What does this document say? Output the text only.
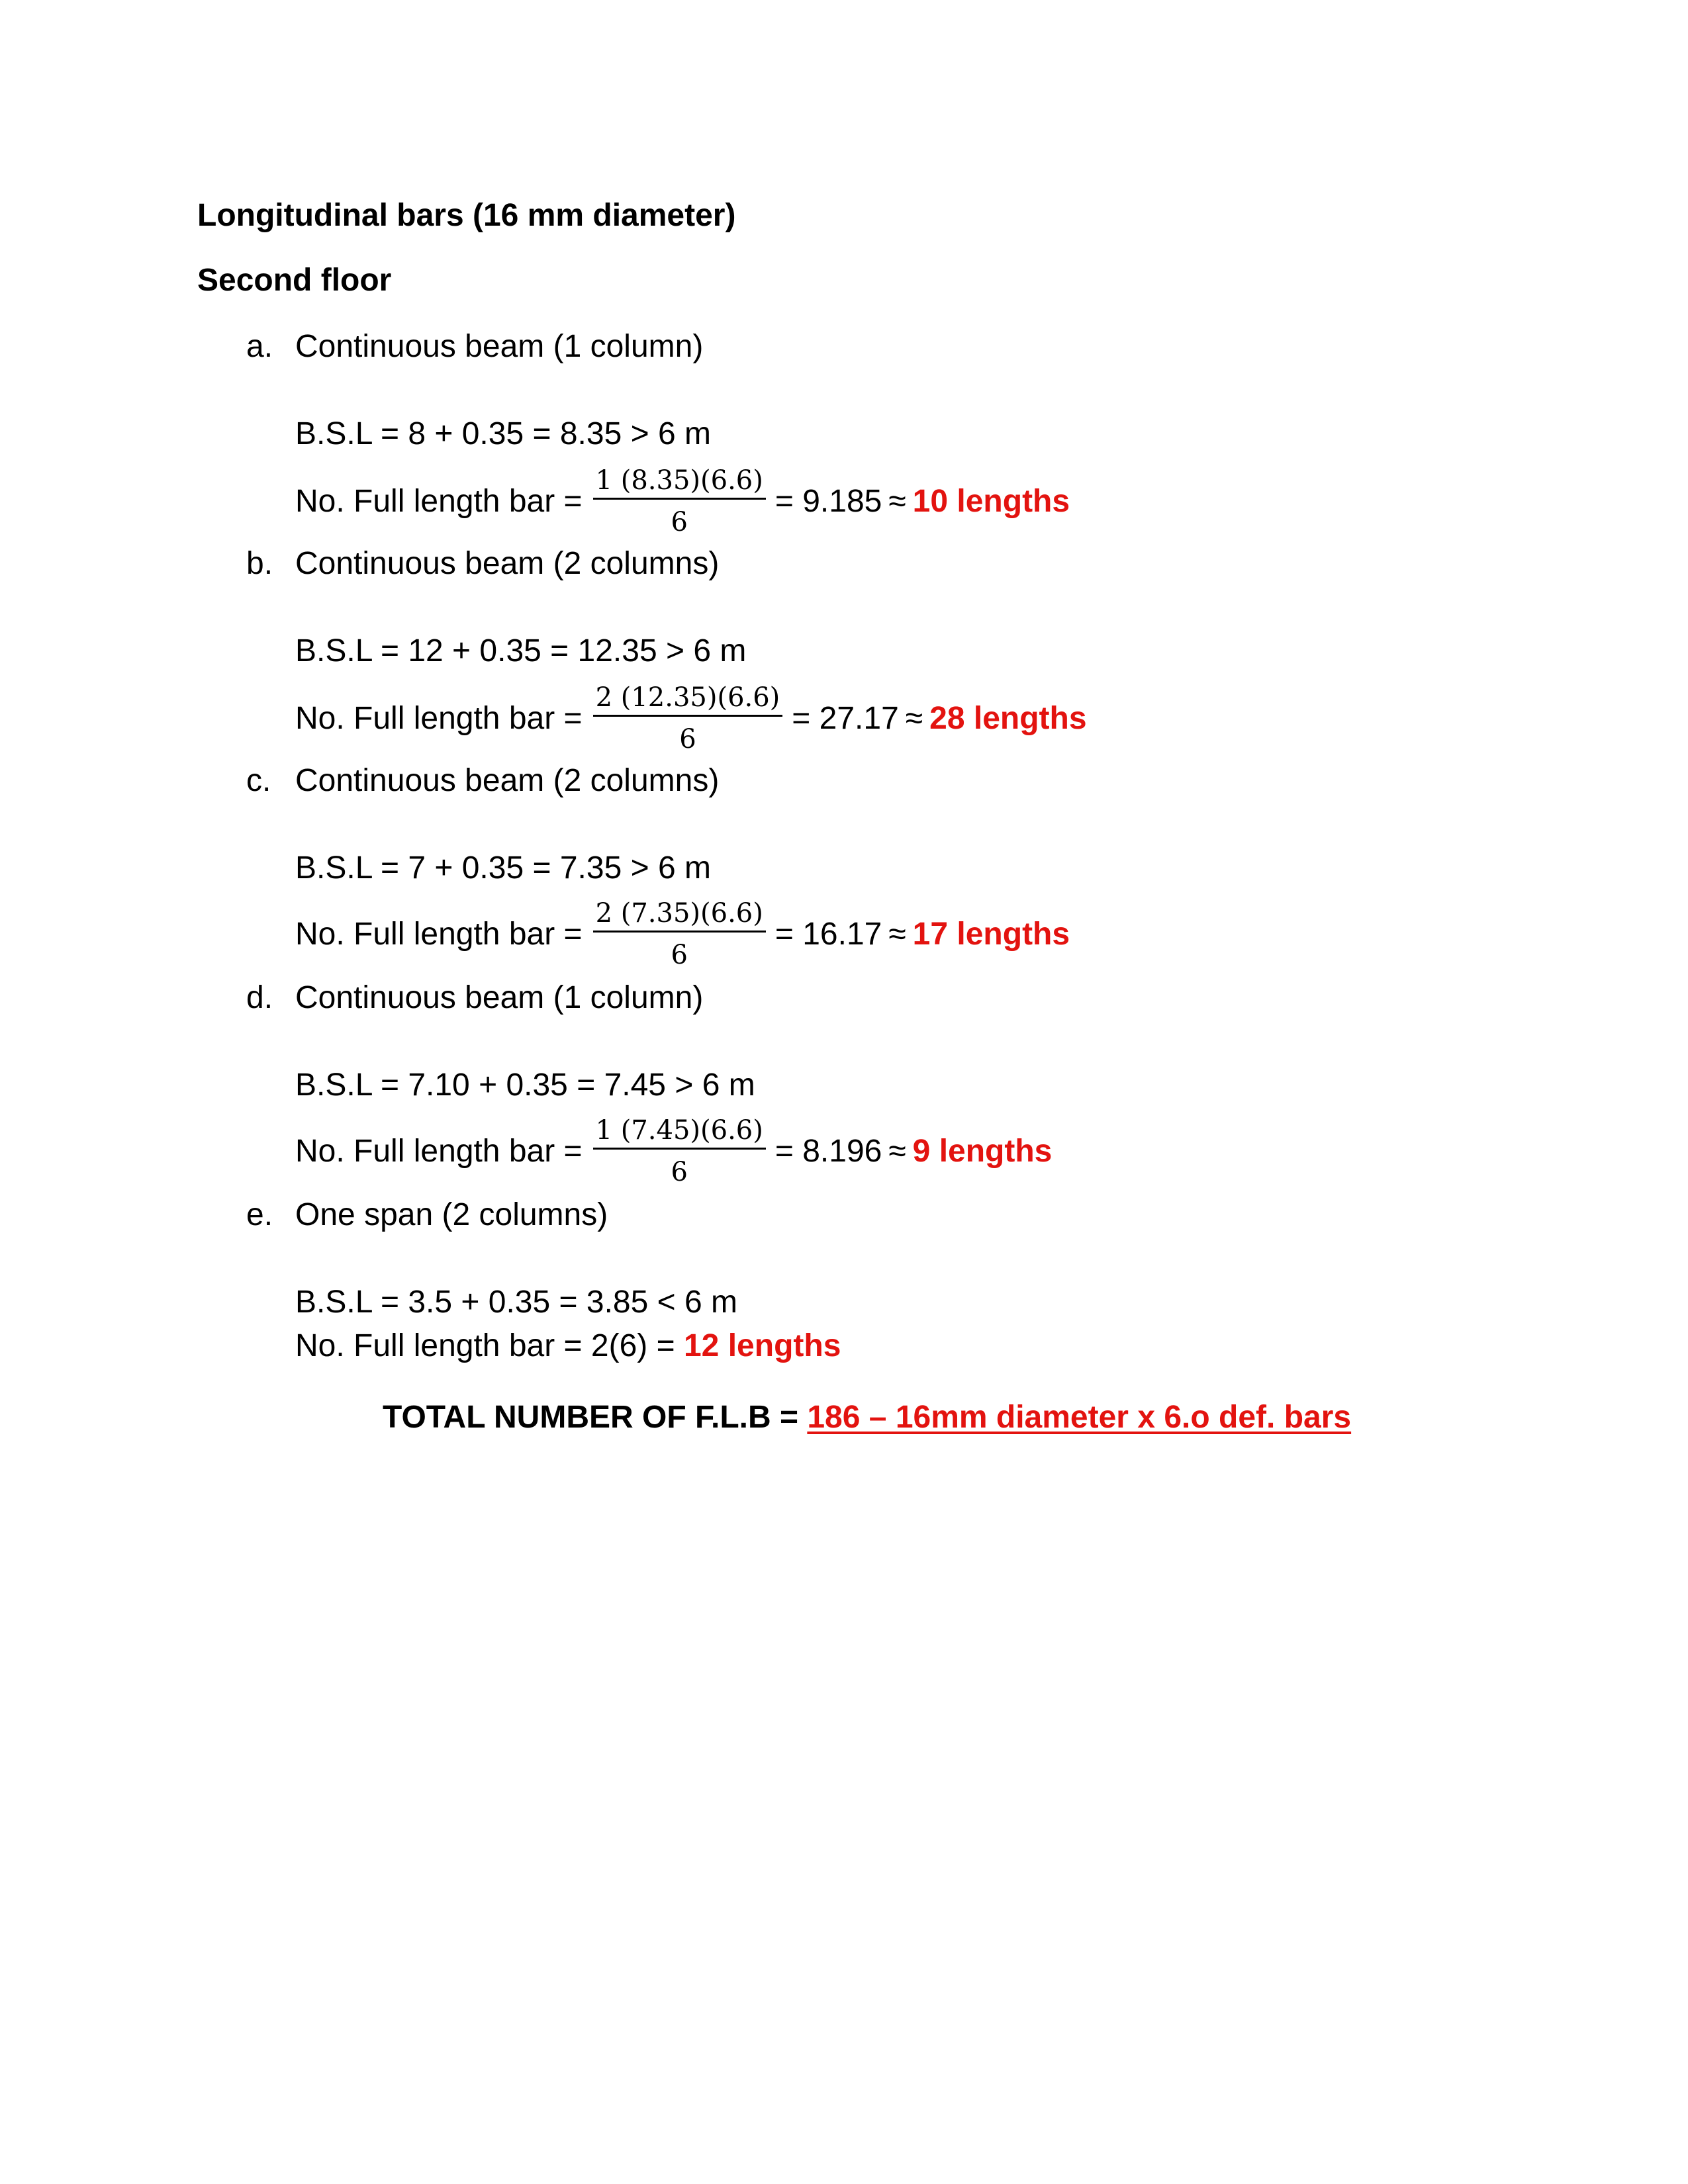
Longitudinal bars (16 mm diameter)
Second floor
a. Continuous beam (1 column)
B.S.L = 8 + 0.35 = 8.35 > 6 m
No. Full length bar = $\frac{1 (8.35)(6.6)}{6} = 9.185 \approx 10$ lengths
b. Continuous beam (2 columns)
B.S.L = 12 + 0.35 = 12.35 > 6 m
No. Full length bar = $\frac{2 (12.35)(6.6)}{6} = 27.17 \approx 28$ lengths
c. Continuous beam (2 columns)
B.S.L = 7 + 0.35 = 7.35 > 6 m
No. Full length bar = $\frac{2 (7.35)(6.6)}{6} = 16.17 \approx 17$ lengths
d. Continuous beam (1 column)
B.S.L = 7.10 + 0.35 = 7.45 > 6 m
No. Full length bar = $\frac{1 (7.45)(6.6)}{6} = 8.196 \approx 9$ lengths
e. One span (2 columns)
B.S.L = 3.5 + 0.35 = 3.85 < 6 m
No. Full length bar = 2(6) = 12 lengths
TOTAL NUMBER OF F.L.B = 186 – 16mm diameter x 6.o def. bars
